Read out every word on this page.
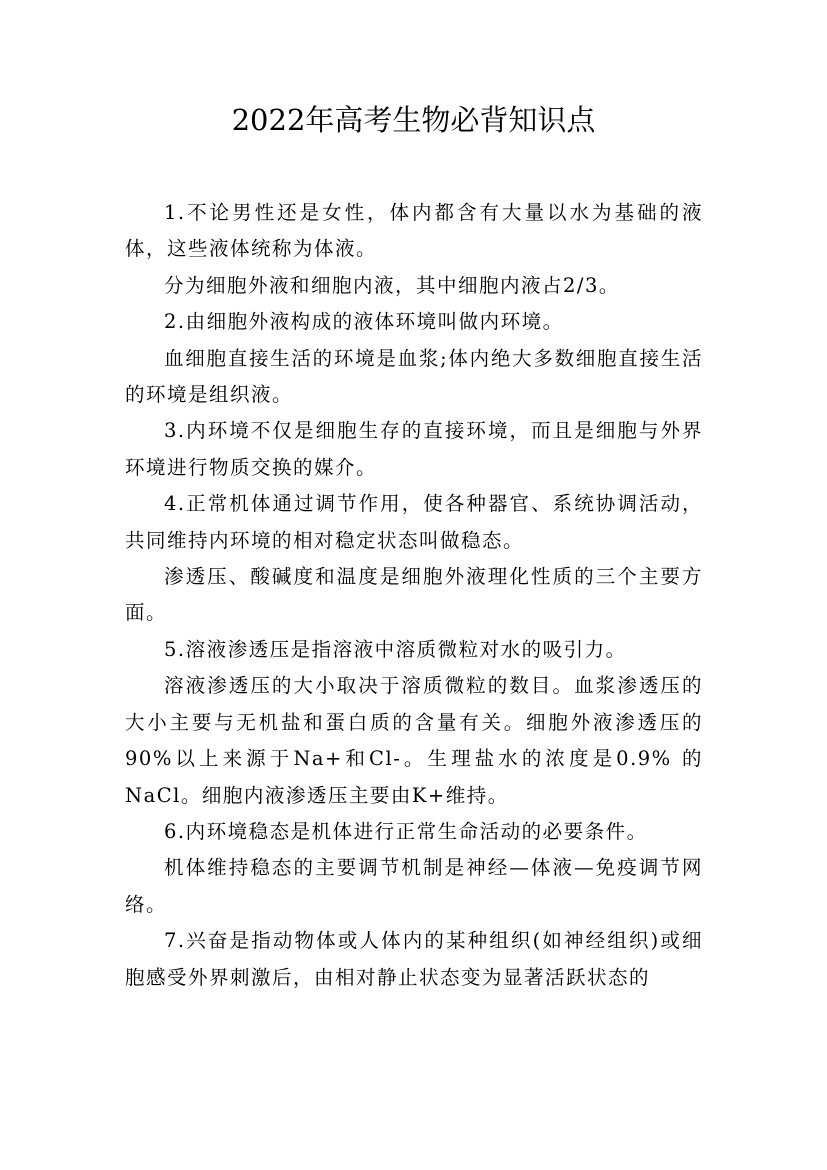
2022年高考生物必背知识点

1.不论男性还是女性，体内都含有大量以水为基础的液体，这些液体统称为体液。

分为细胞外液和细胞内液，其中细胞内液占2/3。

2.由细胞外液构成的液体环境叫做内环境。

血细胞直接生活的环境是血浆;体内绝大多数细胞直接生活的环境是组织液。

3.内环境不仅是细胞生存的直接环境，而且是细胞与外界环境进行物质交换的媒介。

4.正常机体通过调节作用，使各种器官、系统协调活动，共同维持内环境的相对稳定状态叫做稳态。

渗透压、酸碱度和温度是细胞外液理化性质的三个主要方面。

5.溶液渗透压是指溶液中溶质微粒对水的吸引力。

溶液渗透压的大小取决于溶质微粒的数目。血浆渗透压的大小主要与无机盐和蛋白质的含量有关。细胞外液渗透压的90%以上来源于Na+和Cl-。生理盐水的浓度是0.9% 的NaCl。细胞内液渗透压主要由K+维持。

6.内环境稳态是机体进行正常生命活动的必要条件。

机体维持稳态的主要调节机制是神经—体液—免疫调节网络。

7.兴奋是指动物体或人体内的某种组织(如神经组织)或细胞感受外界刺激后，由相对静止状态变为显著活跃状态的
